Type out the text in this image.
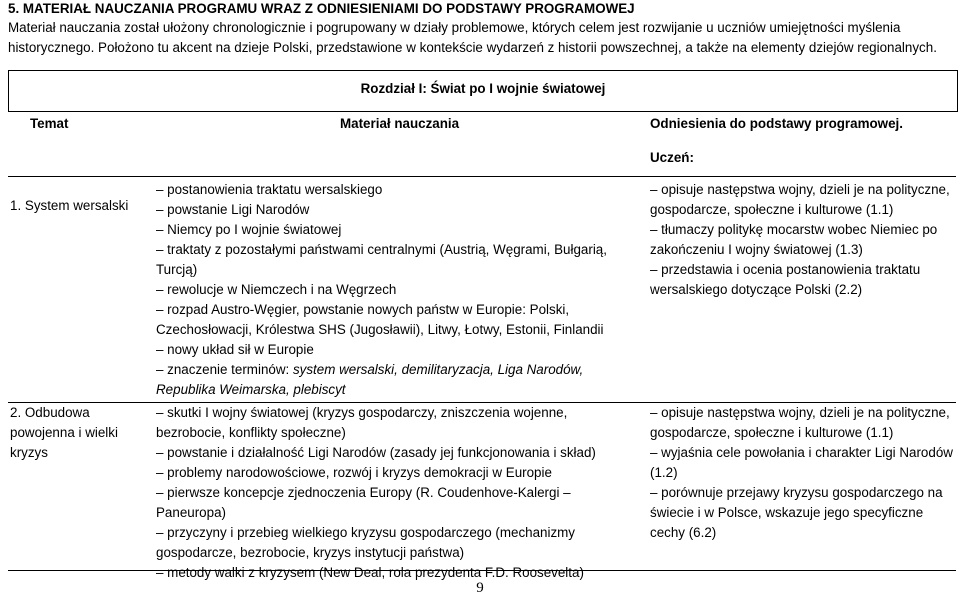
5. MATERIAŁ NAUCZANIA PROGRAMU WRAZ Z ODNIESIENIAMI DO PODSTAWY PROGRAMOWEJ
Materiał nauczania został ułożony chronologicznie i pogrupowany w działy problemowe, których celem jest rozwijanie u uczniów umiejętności myślenia historycznego. Położono tu akcent na dzieje Polski, przedstawione w kontekście wydarzeń z historii powszechnej, a także na elementy dziejów regionalnych.
Rozdział I: Świat po I wojnie światowej
Temat	Materiał nauczania	Odniesienia do podstawy programowej.
Uczeń:
1. System wersalski

– postanowienia traktatu wersalskiego

– powstanie Ligi Narodów

– Niemcy po I wojnie światowej

– traktaty z pozostałymi państwami centralnymi (Austrią, Węgrami, Bułgarią, Turcją)

– rewolucje w Niemczech i na Węgrzech

– rozpad Austro-Węgier, powstanie nowych państw w Europie: Polski, Czechosłowacji, Królestwa SHS (Jugosławii), Litwy, Łotwy, Estonii, Finlandii

– nowy układ sił w Europie

– znaczenie terminów: system wersalski, demilitaryzacja, Liga Narodów, Republika Weimarska, plebiscyt

– opisuje następstwa wojny, dzieli je na polityczne, gospodarcze, społeczne i kulturowe (1.1)

– tłumaczy politykę mocarstw wobec Niemiec po zakończeniu I wojny światowej (1.3)

– przedstawia i ocenia postanowienia traktatu wersalskiego dotyczące Polski (2.2)

2. Odbudowa powojenna i wielki kryzys

– skutki I wojny światowej (kryzys gospodarczy, zniszczenia wojenne, bezrobocie, konflikty społeczne)

– powstanie i działalność Ligi Narodów (zasady jej funkcjonowania i skład)

– problemy narodowościowe, rozwój i kryzys demokracji w Europie

– pierwsze koncepcje zjednoczenia Europy (R. Coudenhove-Kalergi – Paneuropa)

– przyczyny i przebieg wielkiego kryzysu gospodarczego (mechanizmy gospodarcze, bezrobocie, kryzys instytucji państwa)

– metody walki z kryzysem (New Deal, rola prezydenta F.D. Roosevelta)

– opisuje następstwa wojny, dzieli je na polityczne, gospodarcze, społeczne i kulturowe (1.1)

– wyjaśnia cele powołania i charakter Ligi Narodów (1.2)

– porównuje przejawy kryzysu gospodarczego na świecie i w Polsce, wskazuje jego specyficzne cechy (6.2)

9
